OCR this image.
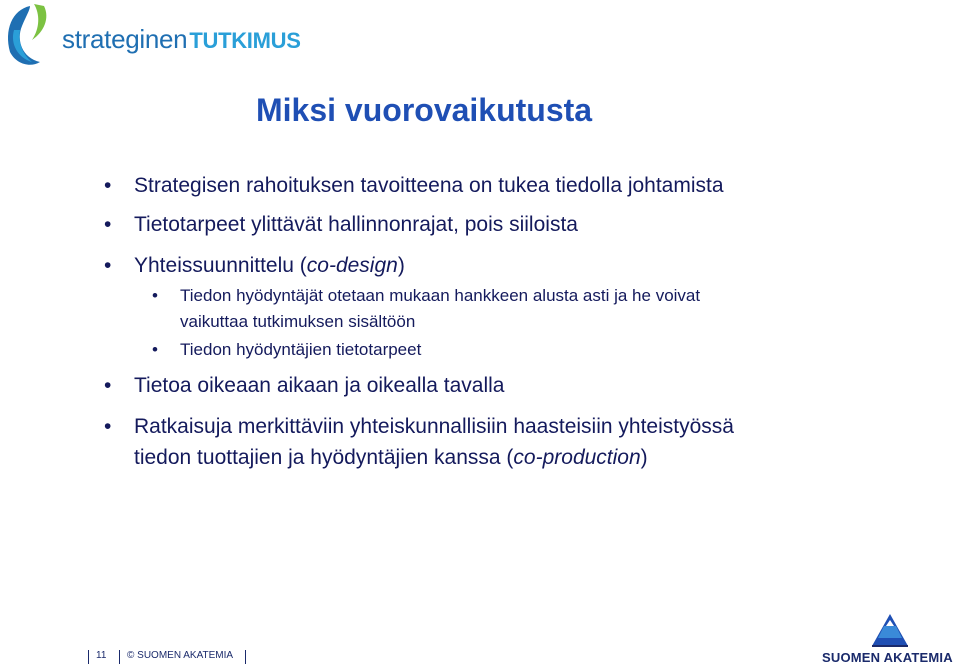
strateginenTUTKIMUS
Miksi vuorovaikutusta
• Strategisen rahoituksen tavoitteena on tukea tiedolla johtamista
• Tietotarpeet ylittävät hallinnonrajat, pois siiloista
• Yhteissuunnittelu (co-design)
• Tiedon hyödyntäjät otetaan mukaan hankkeen alusta asti ja he voivat
vaikuttaa tutkimuksen sisältöön
• Tiedon hyödyntäjien tietotarpeet
• Tietoa oikeaan aikaan ja oikealla tavalla
• Ratkaisuja merkittäviin yhteiskunnallisiin haasteisiin yhteistyössä
tiedon tuottajien ja hyödyntäjien kanssa (co-production)
11 © SUOMEN AKATEMIA	SUOMEN AKATEMIA
